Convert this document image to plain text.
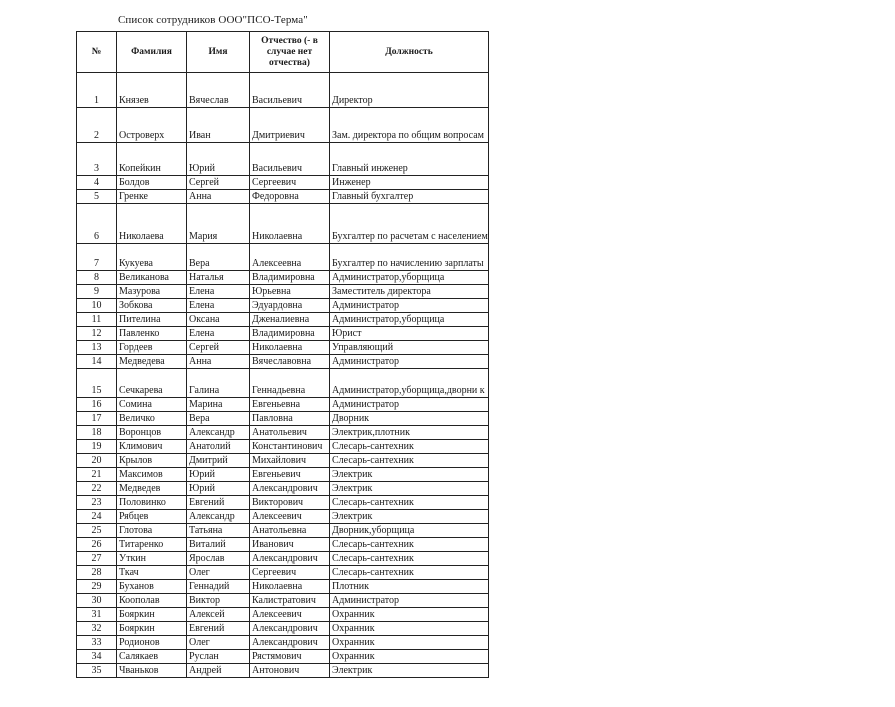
Список сотрудников ООО"ПСО-Терма"
№	Фамилия	Имя	Отчество (- в случае нет отчества)	Должность
1	Князев	Вячеслав	Васильевич	Директор
2	Островерх	Иван	Дмитриевич	Зам. директора по общим вопросам
3	Копейкин	Юрий	Васильевич	Главный инженер
4	Болдов	Сергей	Сергеевич	Инженер
5	Гренке	Анна	Федоровна	Главный бухгалтер
6	Николаева	Мария	Николаевна	Бухгалтер по расчетам с населением
7	Кукуева	Вера	Алексеевна	Бухгалтер по начислению зарплаты
8	Великанова	Наталья	Владимировна	Администратор,уборщица
9	Мазурова	Елена	Юрьевна	Заместитель директора
10	Зобкова	Елена	Эдуардовна	Администратор
11	Пителина	Оксана	Дженалиевна	Администратор,уборщица
12	Павленко	Елена	Владимировна	Юрист
13	Гордеев	Сергей	Николаевна	Управляющий
14	Медведева	Анна	Вячеславовна	Администратор
15	Сечкарева	Галина	Геннадьевна	Администратор,уборщица,дворни к
16	Сомина	Марина	Евгеньевна	Администратор
17	Величко	Вера	Павловна	Дворник
18	Воронцов	Александр	Анатольевич	Электрик,плотник
19	Климович	Анатолий	Константинович	Слесарь-сантехник
20	Крылов	Дмитрий	Михайлович	Слесарь-сантехник
21	Максимов	Юрий	Евгеньевич	Электрик
22	Медведев	Юрий	Александрович	Электрик
23	Половинко	Евгений	Викторович	Слесарь-сантехник
24	Рябцев	Александр	Алексеевич	Электрик
25	Глотова	Татьяна	Анатольевна	Дворник,уборщица
26	Титаренко	Виталий	Иванович	Слесарь-сантехник
27	Уткин	Ярослав	Александрович	Слесарь-сантехник
28	Ткач	Олег	Сергеевич	Слесарь-сантехник
29	Буханов	Геннадий	Николаевна	Плотник
30	Коополав	Виктор	Калистратович	Администратор
31	Бояркин	Алексей	Алексеевич	Охранник
32	Бояркин	Евгений	Александрович	Охранник
33	Родионов	Олег	Александрович	Охранник
34	Салякаев	Руслан	Рястямович	Охранник
35	Чваньков	Андрей	Антонович	Электрик
